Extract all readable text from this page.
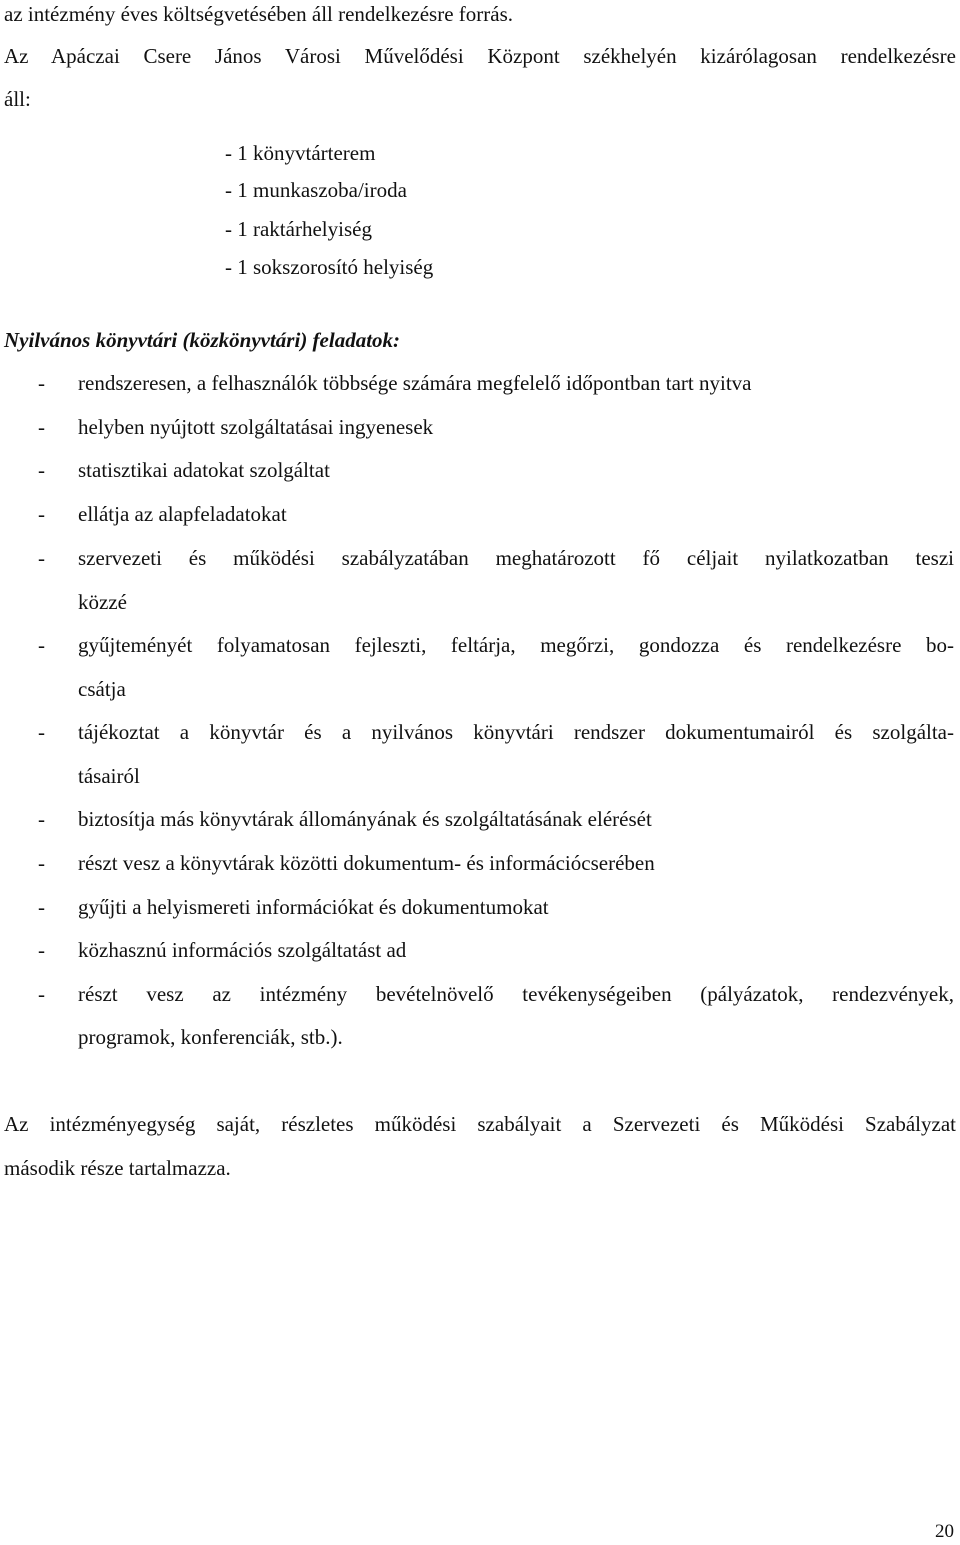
az intézmény éves költségvetésében áll rendelkezésre forrás.
Az Apáczai Csere János Városi Művelődési Központ székhelyén kizárólagosan rendelkezésre
áll:
- 1 könyvtárterem
- 1 munkaszoba/iroda
- 1 raktárhelyiség
- 1 sokszorosító helyiség
Nyilvános könyvtári (közkönyvtári) feladatok:
- rendszeresen, a felhasználók többsége számára megfelelő időpontban tart nyitva
- helyben nyújtott szolgáltatásai ingyenesek
- statisztikai adatokat szolgáltat
- ellátja az alapfeladatokat
- szervezeti és működési szabályzatában meghatározott fő céljait nyilatkozatban teszi
közzé
- gyűjteményét folyamatosan fejleszti, feltárja, megőrzi, gondozza és rendelkezésre bo-
csátja
- tájékoztat a könyvtár és a nyilvános könyvtári rendszer dokumentumairól és szolgálta-
tásairól
- biztosítja más könyvtárak állományának és szolgáltatásának elérését
- részt vesz a könyvtárak közötti dokumentum- és információcserében
- gyűjti a helyismereti információkat és dokumentumokat
- közhasznú információs szolgáltatást ad
- részt vesz az intézmény bevételnövelő tevékenységeiben (pályázatok, rendezvények,
programok, konferenciák, stb.).
Az intézményegység saját, részletes működési szabályait a Szervezeti és Működési Szabályzat
második része tartalmazza.
20
